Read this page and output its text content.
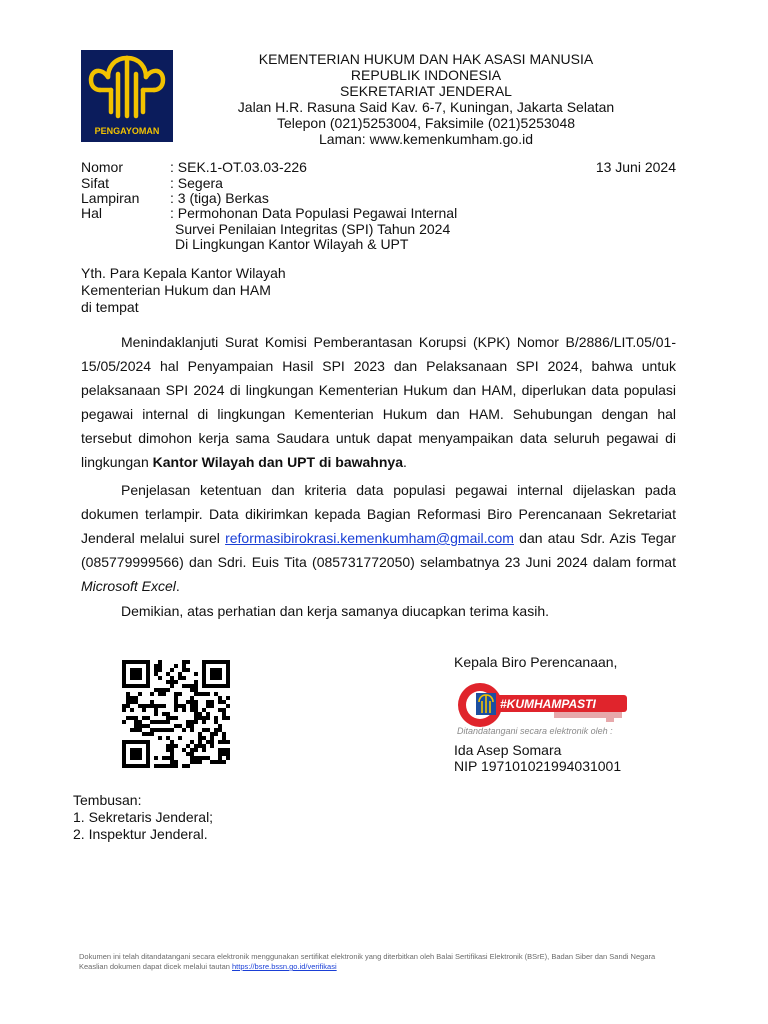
PENGAYOMAN
KEMENTERIAN HUKUM DAN HAK ASASI MANUSIA
REPUBLIK INDONESIA
SEKRETARIAT JENDERAL
Jalan H.R. Rasuna Said Kav. 6-7, Kuningan, Jakarta Selatan
Telepon (021)5253004, Faksimile (021)5253048
Laman: www.kemenkumham.go.id
Nomor	: SEK.1-OT.03.03-226
Sifat	: Segera
Lampiran : 3 (tiga) Berkas
Hal	: Permohonan Data Populasi Pegawai Internal
Survei Penilaian Integritas (SPI) Tahun 2024
Di Lingkungan Kantor Wilayah & UPT
13 Juni 2024
Yth. Para Kepala Kantor Wilayah
Kementerian Hukum dan HAM
di tempat
Menindaklanjuti Surat Komisi Pemberantasan Korupsi (KPK) Nomor B/2886/LIT.05/01-15/05/2024 hal Penyampaian Hasil SPI 2023 dan Pelaksanaan SPI 2024, bahwa untuk pelaksanaan SPI 2024 di lingkungan Kementerian Hukum dan HAM, diperlukan data populasi pegawai internal di lingkungan Kementerian Hukum dan HAM. Sehubungan dengan hal tersebut dimohon kerja sama Saudara untuk dapat menyampaikan data seluruh pegawai di lingkungan Kantor Wilayah dan UPT di bawahnya.
Penjelasan ketentuan dan kriteria data populasi pegawai internal dijelaskan pada dokumen terlampir. Data dikirimkan kepada Bagian Reformasi Biro Perencanaan Sekretariat Jenderal melalui surel reformasibirokrasi.kemenkumham@gmail.com dan atau Sdr. Azis Tegar (085779999566) dan Sdri. Euis Tita (085731772050) selambatnya 23 Juni 2024 dalam format Microsoft Excel.
Demikian, atas perhatian dan kerja samanya diucapkan terima kasih.
Kepala Biro Perencanaan,
#KUMHAMPASTI
Ditandatangani secara elektronik oleh :
Ida Asep Somara
NIP 197101021994031001
Tembusan:
1. Sekretaris Jenderal;
2. Inspektur Jenderal.
Dokumen ini telah ditandatangani secara elektronik menggunakan sertifikat elektronik yang diterbitkan oleh Balai Sertifikasi Elektronik (BSrE), Badan Siber dan Sandi Negara
Keaslian dokumen dapat dicek melalui tautan https://bsre.bssn.go.id/verifikasi
